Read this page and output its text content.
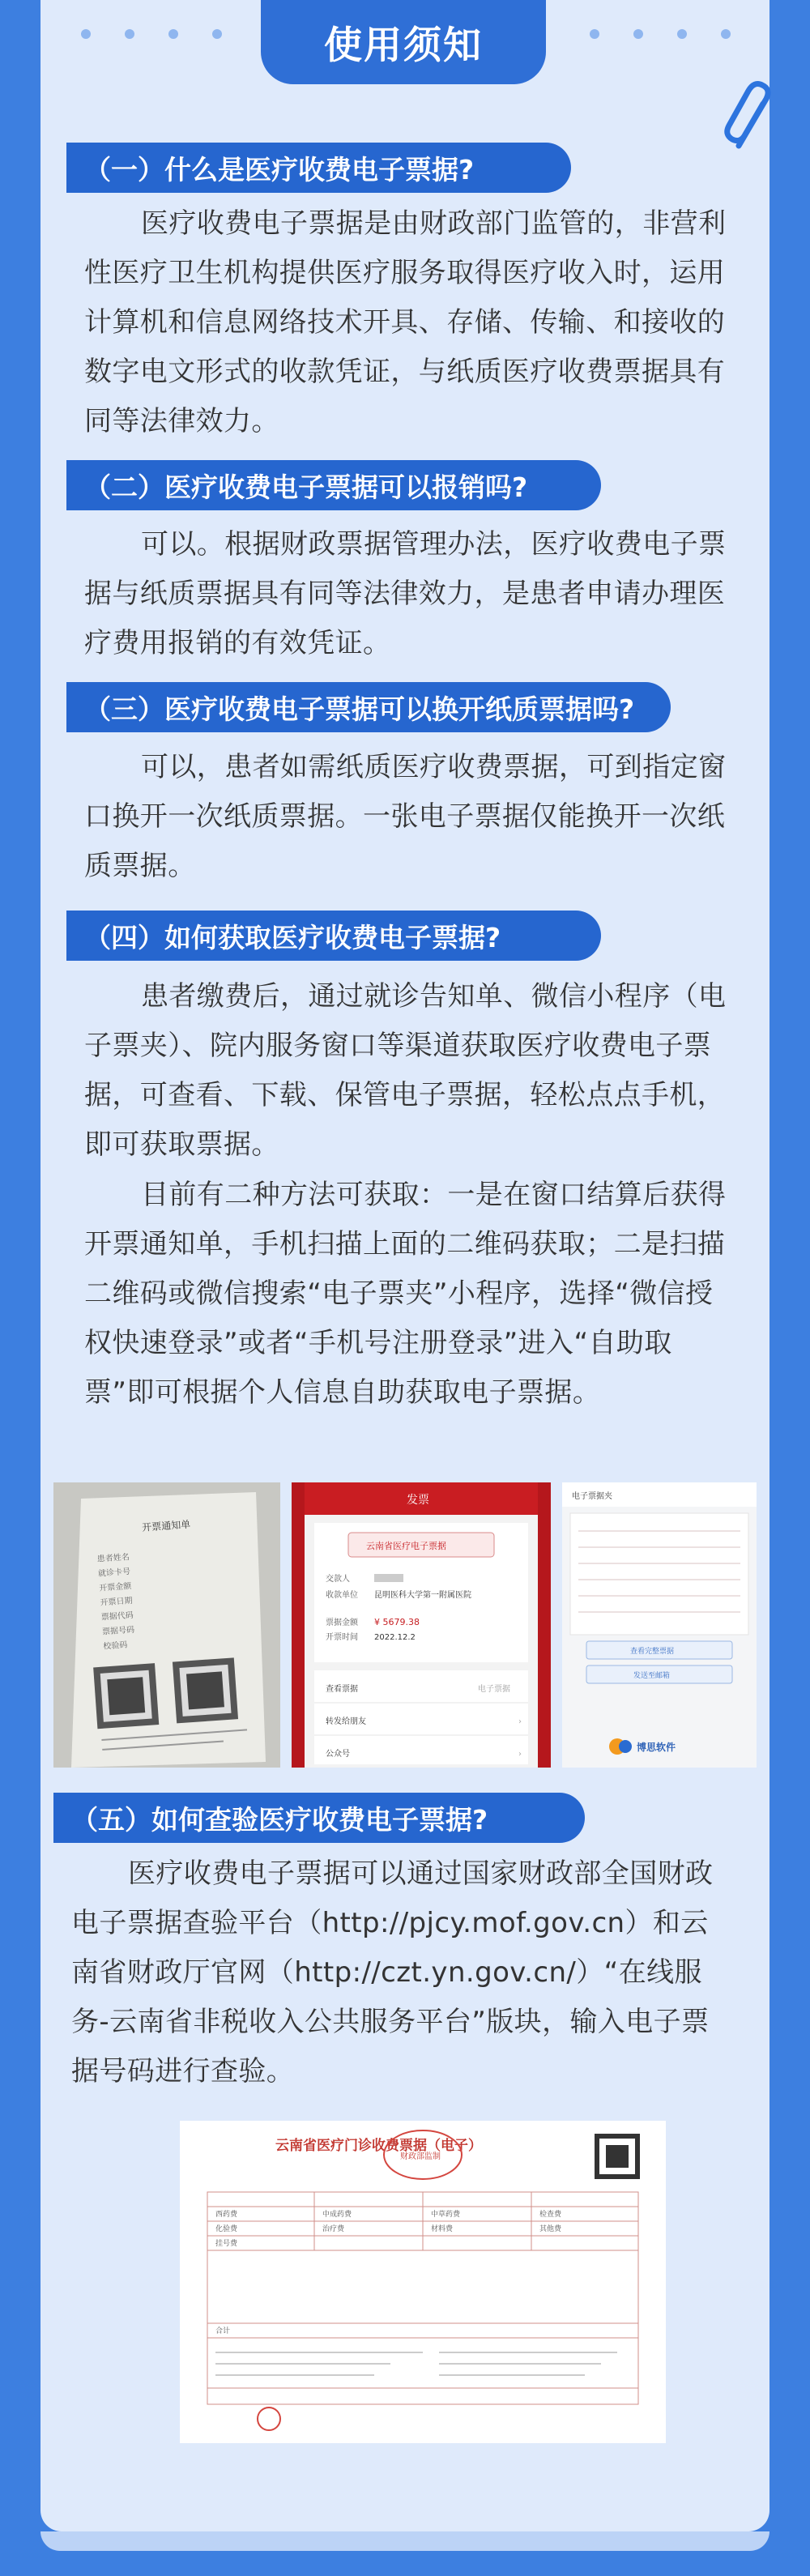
使用须知
（一）什么是医疗收费电子票据?

医疗收费电子票据是由财政部门监管的，非营利性医疗卫生机构提供医疗服务取得医疗收入时，运用计算机和信息网络技术开具、存储、传输、和接收的数字电文形式的收款凭证，与纸质医疗收费票据具有同等法律效力。

（二）医疗收费电子票据可以报销吗?

可以。根据财政票据管理办法，医疗收费电子票据与纸质票据具有同等法律效力，是患者申请办理医疗费用报销的有效凭证。

（三）医疗收费电子票据可以换开纸质票据吗?

可以，患者如需纸质医疗收费票据，可到指定窗口换开一次纸质票据。一张电子票据仅能换开一次纸质票据。

（四）如何获取医疗收费电子票据?

患者缴费后，通过就诊告知单、微信小程序（电子票夹）、院内服务窗口等渠道获取医疗收费电子票据，可查看、下载、保管电子票据，轻松点点手机，即可获取票据。

目前有二种方法可获取：一是在窗口结算后获得开票通知单，手机扫描上面的二维码获取；二是扫描二维码或微信搜索“电子票夹”小程序，选择“微信授权快速登录”或者“手机号注册登录”进入“自助取票”即可根据个人信息自助获取电子票据。

开票通知单
患者姓名
就诊卡号
开票金额
开票日期
票据代码
票据号码
校验码
发票
云南省医疗电子票据
交款人
收款单位 昆明医科大学第一附属医院
票据金额 ¥ 5679.38
开票时间 2022.12.2
查看票据	电子票据
转发给朋友	›
公众号	›
电子票据夹
查看完整票据
发送至邮箱
博思软件
（五）如何查验医疗收费电子票据?

医疗收费电子票据可以通过国家财政部全国财政电子票据查验平台（http://pjcy.mof.gov.cn）和云南省财政厅官网（http://czt.yn.gov.cn/）“在线服务-云南省非税收入公共服务平台”版块，输入电子票据号码进行查验。

云南省医疗门诊收费票据（电子）
财政部监制
西药费	中成药费	中草药费	检查费
化验费	治疗费	材料费	其他费
挂号费
合计
